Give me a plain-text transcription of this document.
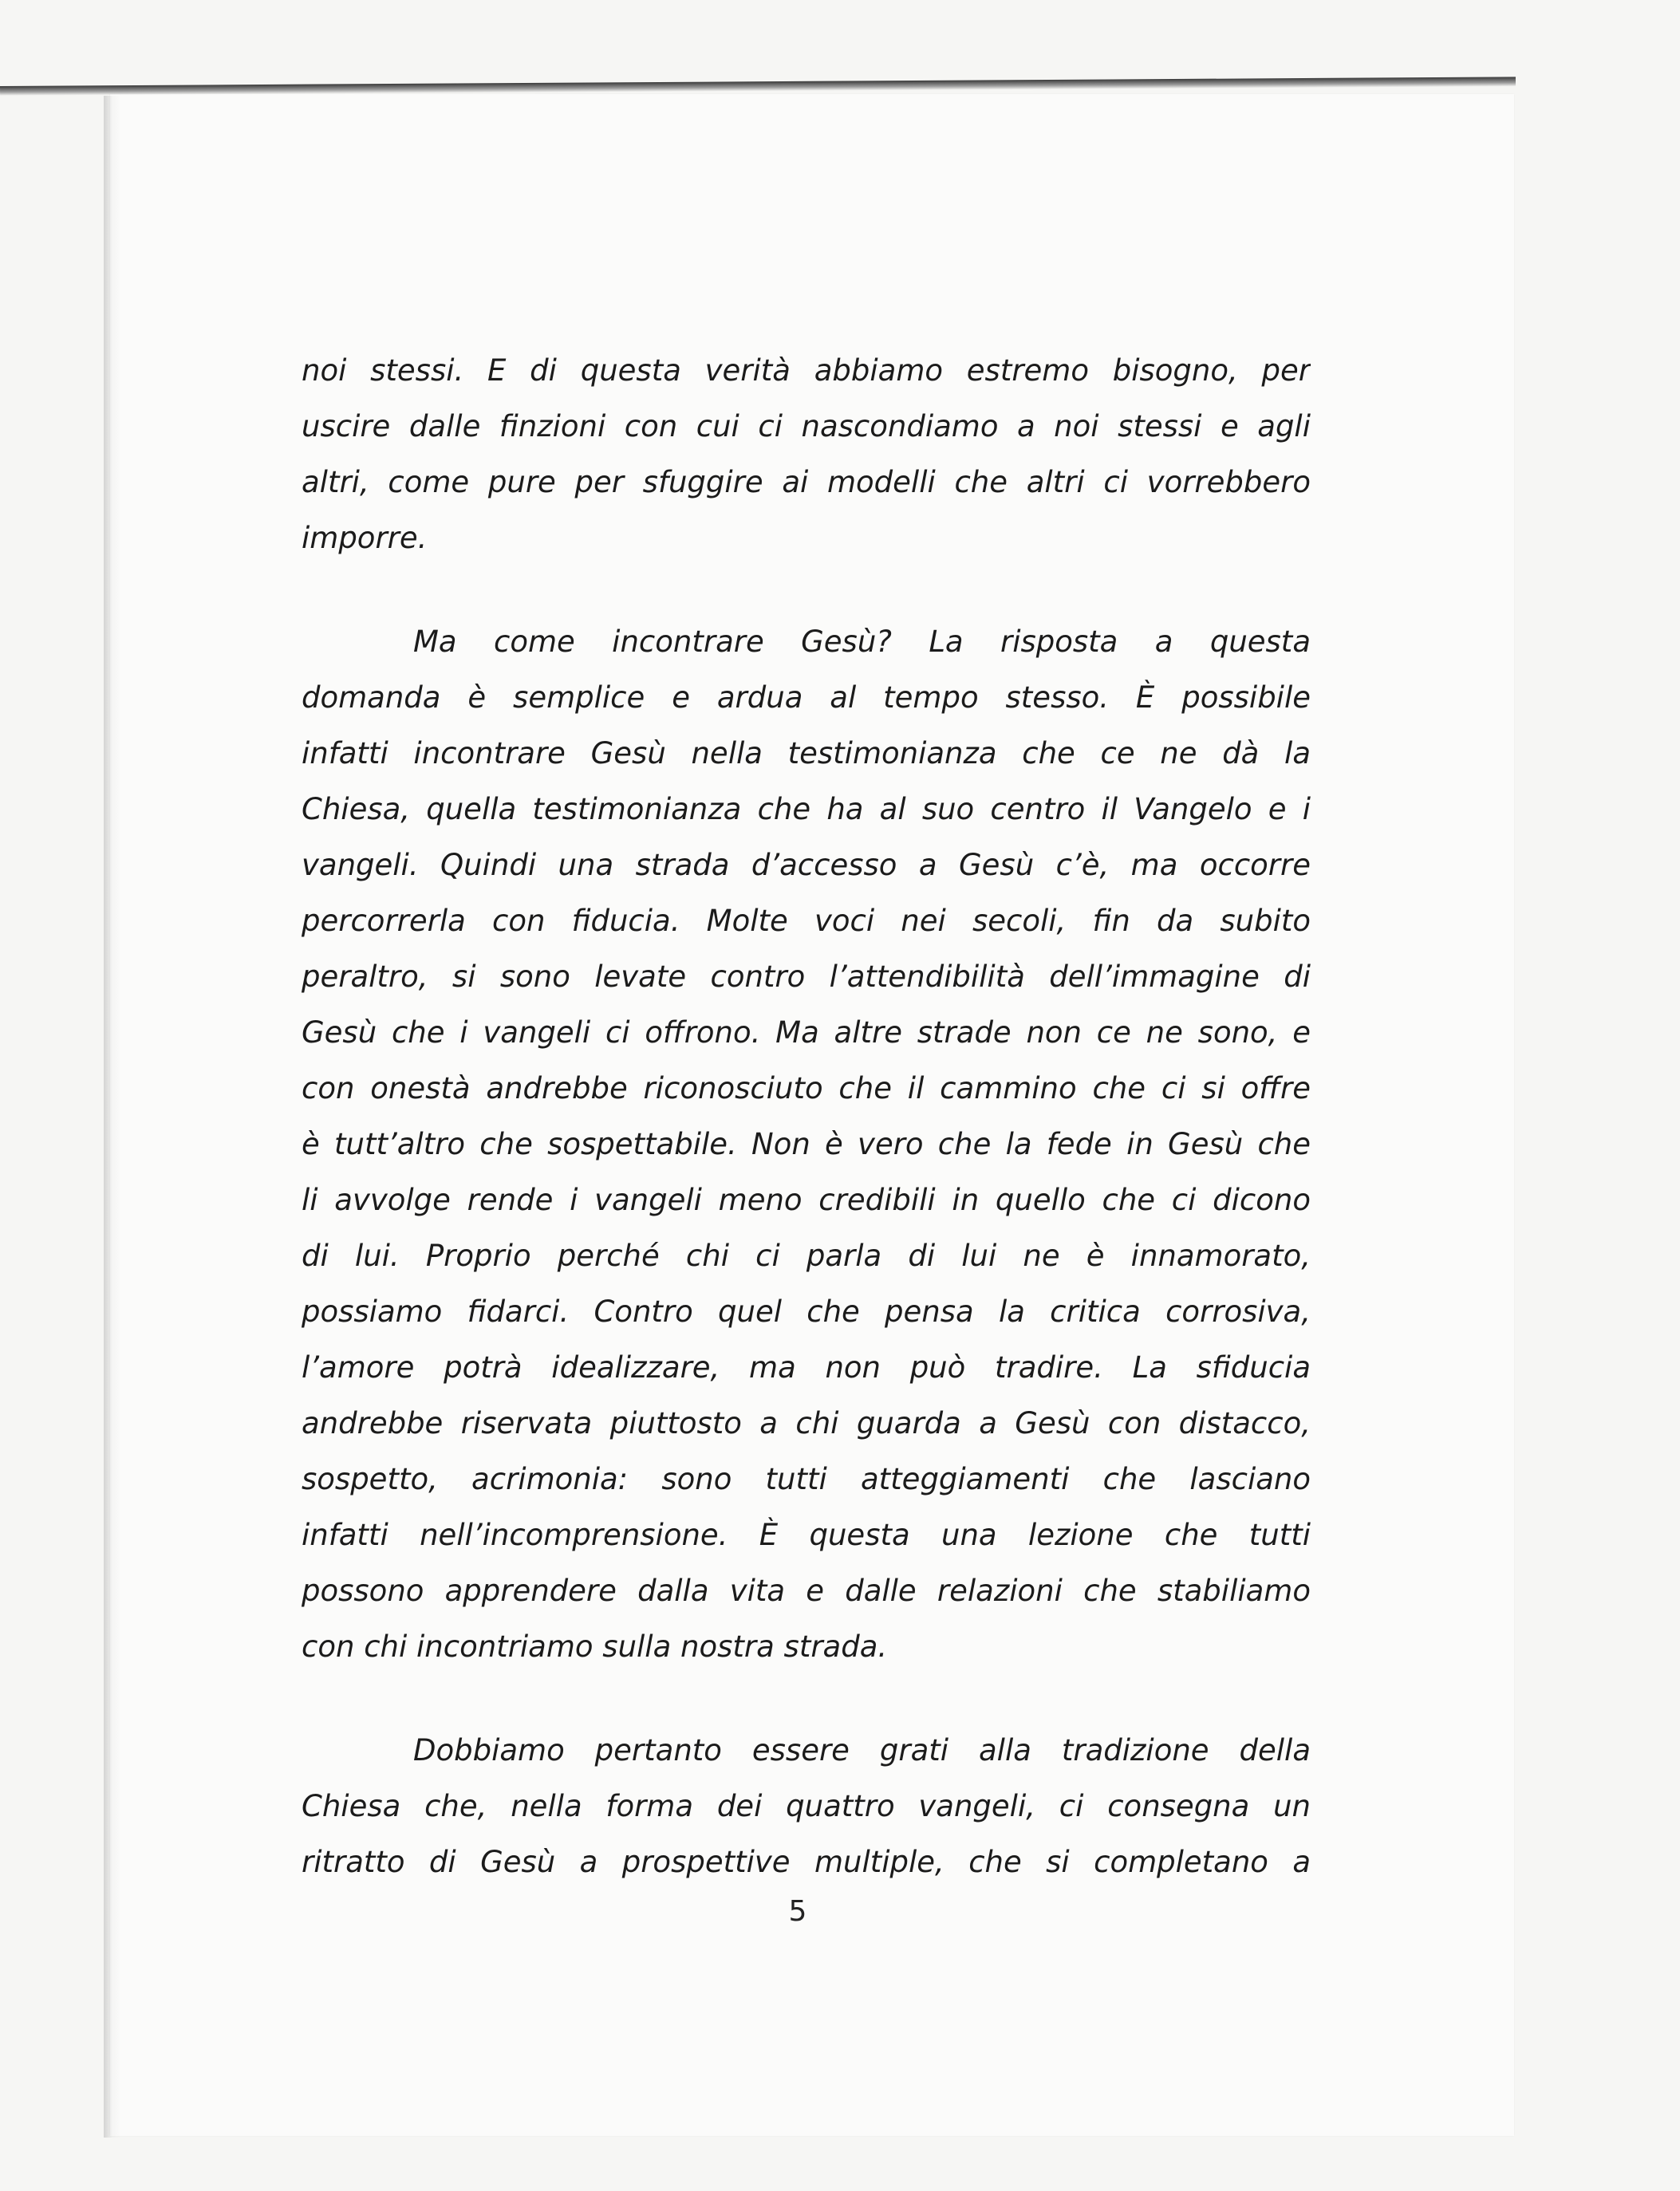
noi stessi. E di questa verità abbiamo estremo bisogno, per
uscire dalle finzioni con cui ci nascondiamo a noi stessi e agli
altri, come pure per sfuggire ai modelli che altri ci vorrebbero
imporre.
Ma come incontrare Gesù? La risposta a questa
domanda è semplice e ardua al tempo stesso. È possibile
infatti incontrare Gesù nella testimonianza che ce ne dà la
Chiesa, quella testimonianza che ha al suo centro il Vangelo e i
vangeli. Quindi una strada d’accesso a Gesù c’è, ma occorre
percorrerla con fiducia. Molte voci nei secoli, fin da subito
peraltro, si sono levate contro l’attendibilità dell’immagine di
Gesù che i vangeli ci offrono. Ma altre strade non ce ne sono, e
con onestà andrebbe riconosciuto che il cammino che ci si offre
è tutt’altro che sospettabile. Non è vero che la fede in Gesù che
li avvolge rende i vangeli meno credibili in quello che ci dicono
di lui. Proprio perché chi ci parla di lui ne è innamorato,
possiamo fidarci. Contro quel che pensa la critica corrosiva,
l’amore potrà idealizzare, ma non può tradire. La sfiducia
andrebbe riservata piuttosto a chi guarda a Gesù con distacco,
sospetto, acrimonia: sono tutti atteggiamenti che lasciano
infatti nell’incomprensione. È questa una lezione che tutti
possono apprendere dalla vita e dalle relazioni che stabiliamo
con chi incontriamo sulla nostra strada.
Dobbiamo pertanto essere grati alla tradizione della
Chiesa che, nella forma dei quattro vangeli, ci consegna un
ritratto di Gesù a prospettive multiple, che si completano a
5
